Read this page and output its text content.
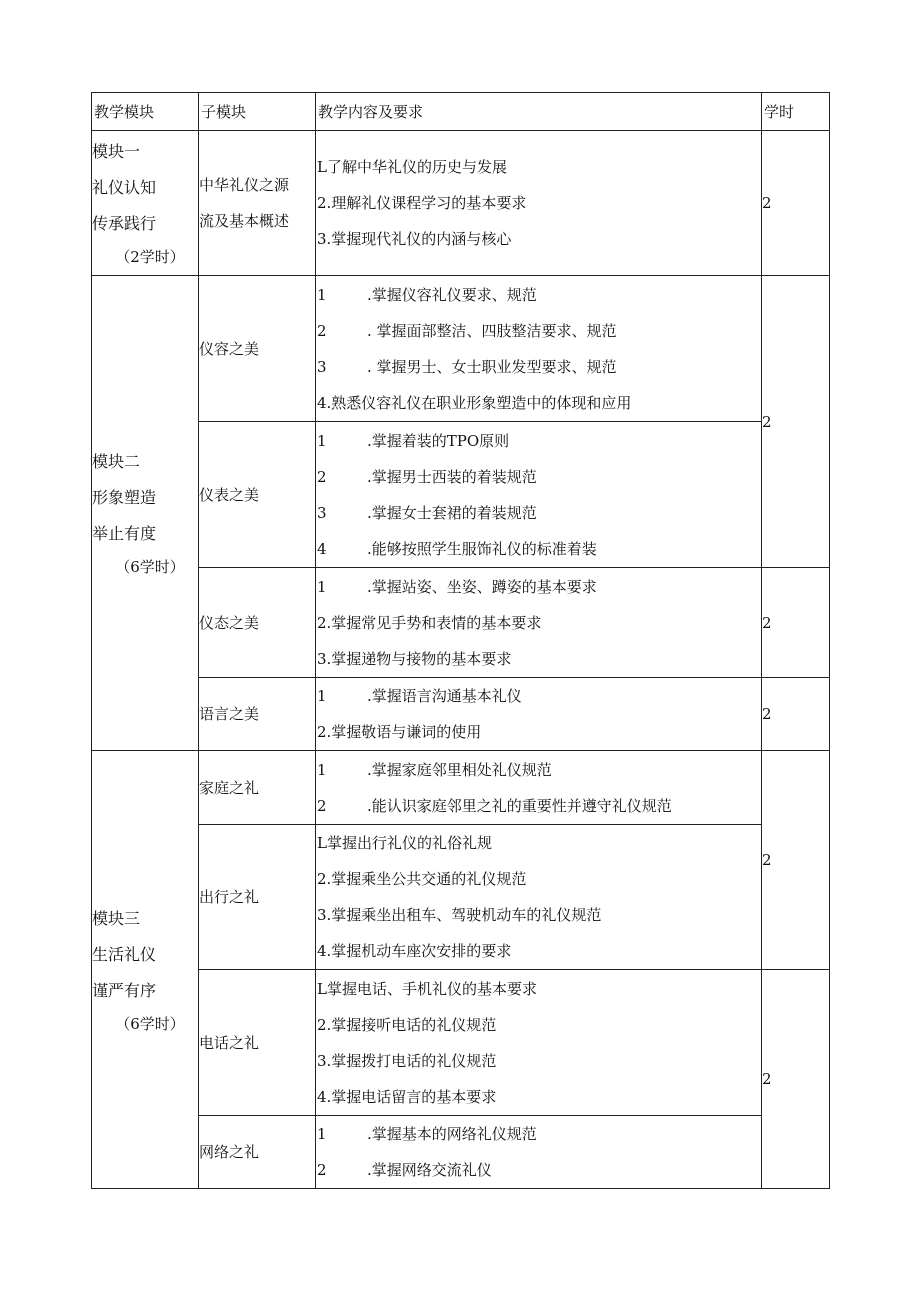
教学模块	子模块	教学内容及要求	学时

模块一
礼仪认知
传承践行
（2学时）	中华礼仪之源
流及基本概述	L了解中华礼仪的历史与发展
2.理解礼仪课程学习的基本要求
3.掌握现代礼仪的内涵与核心	2

模块二
形象塑造
举止有度
（6学时）	仪容之美	1 .掌握仪容礼仪要求、规范
2 . 掌握面部整洁、四肢整洁要求、规范
3 . 掌握男士、女士职业发型要求、规范
4.熟悉仪容礼仪在职业形象塑造中的体现和应用	2

	仪表之美	1 .掌握着装的TPO原则
2 .掌握男士西装的着装规范
3 .掌握女士套裙的着装规范
4 .能够按照学生服饰礼仪的标准着装	

	仪态之美	1 .掌握站姿、坐姿、蹲姿的基本要求
2.掌握常见手势和表情的基本要求
3.掌握递物与接物的基本要求	2

	语言之美	1 .掌握语言沟通基本礼仪
2.掌握敬语与谦词的使用	2

模块三
生活礼仪
谨严有序
（6学时）	家庭之礼	1 .掌握家庭邻里相处礼仪规范
2 .能认识家庭邻里之礼的重要性并遵守礼仪规范	2

	出行之礼	L掌握出行礼仪的礼俗礼规
2.掌握乘坐公共交通的礼仪规范
3.掌握乘坐出租车、驾驶机动车的礼仪规范
4.掌握机动车座次安排的要求	

	电话之礼	L掌握电话、手机礼仪的基本要求
2.掌握接听电话的礼仪规范
3.掌握拨打电话的礼仪规范
4.掌握电话留言的基本要求	2

	网络之礼	1 .掌握基本的网络礼仪规范
2 .掌握网络交流礼仪	
